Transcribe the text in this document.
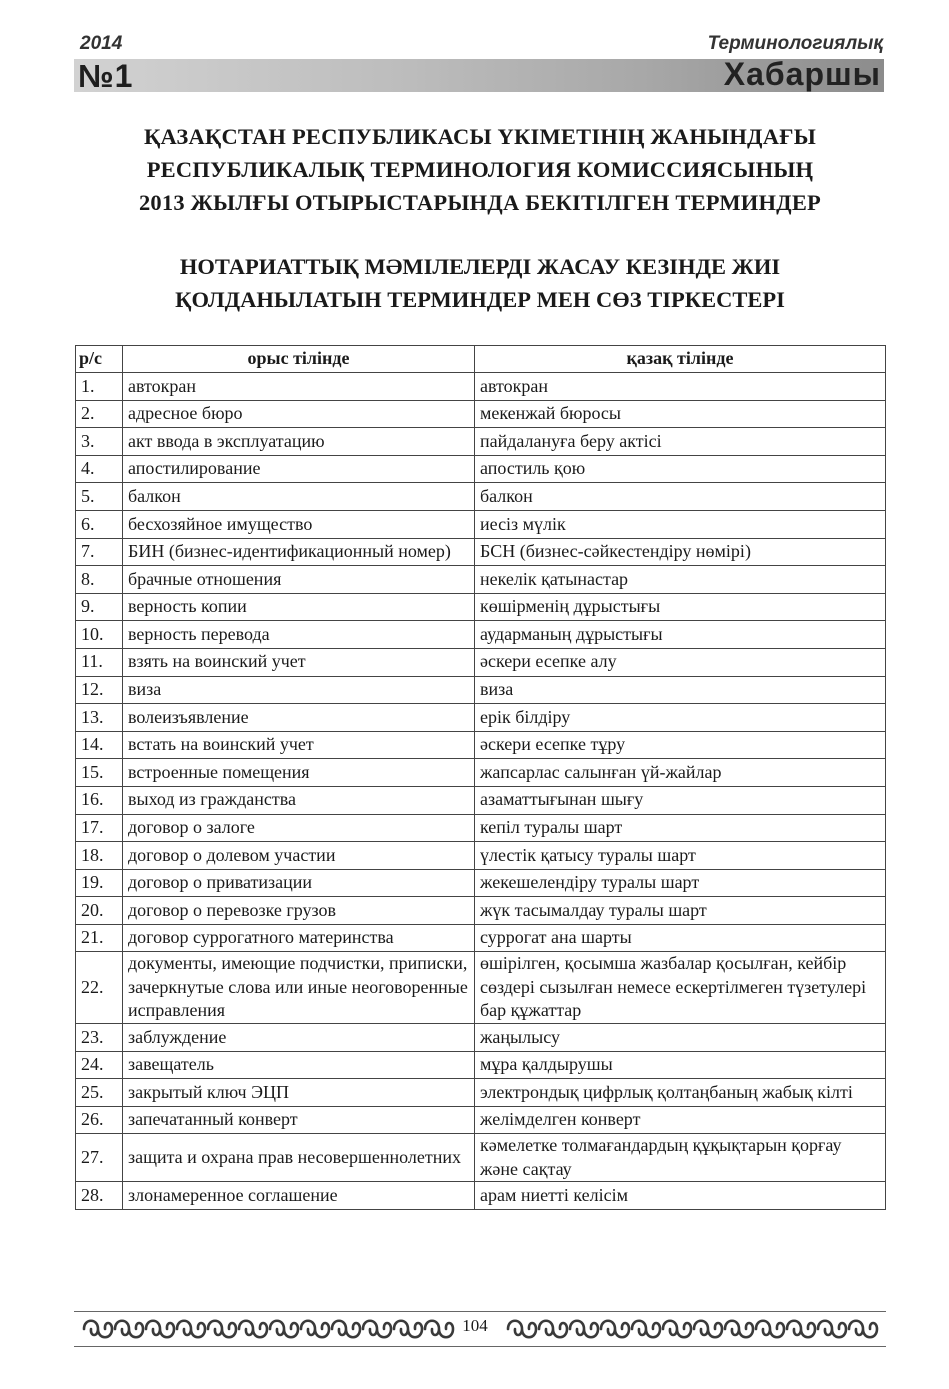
2014	Терминологиялық
№1	Хабаршы
ҚАЗАҚСТАН РЕСПУБЛИКАСЫ ҮКІМЕТІНІҢ ЖАНЫНДАҒЫ
РЕСПУБЛИКАЛЫҚ ТЕРМИНОЛОГИЯ КОМИССИЯСЫНЫҢ
2013 ЖЫЛҒЫ ОТЫРЫСТАРЫНДА БЕКІТІЛГЕН ТЕРМИНДЕР
НОТАРИАТТЫҚ МӘМІЛЕЛЕРДІ ЖАСАУ КЕЗІНДЕ ЖИІ
ҚОЛДАНЫЛАТЫН ТЕРМИНДЕР МЕН СӨЗ ТІРКЕСТЕРІ
р/с	орыс тілінде	қазақ тілінде
1.	автокран	автокран
2.	адресное бюро	мекенжай бюросы
3.	акт ввода в эксплуатацию	пайдалануға беру актісі
4.	апостилирование	апостиль қою
5.	балкон	балкон
6.	бесхозяйное имущество	иесіз мүлік
7.	БИН (бизнес-идентификационный номер)	БСН (бизнес-сәйкестендіру нөмірі)
8.	брачные отношения	некелік қатынастар
9.	верность копии	көшірменің дұрыстығы
10.	верность перевода	аударманың дұрыстығы
11.	взять на воинский учет	әскери есепке алу
12.	виза	виза
13.	волеизъявление	ерік білдіру
14.	встать на воинский учет	әскери есепке тұру
15.	встроенные помещения	жапсарлас салынған үй-жайлар
16.	выход из гражданства	азаматтығынан шығу
17.	договор о залоге	кепіл туралы шарт
18.	договор о долевом участии	үлестік қатысу туралы шарт
19.	договор о приватизации	жекешелендіру туралы шарт
20.	договор о перевозке грузов	жүк тасымалдау туралы шарт
21.	договор суррогатного материнства	суррогат ана шарты
22.	документы, имеющие подчистки, приписки, зачеркнутые слова или иные неоговоренные исправления	өшірілген, қосымша жазбалар қосылған, кейбір сөздері сызылған немесе ескертілмеген түзетулері бар құжаттар
23.	заблуждение	жаңылысу
24.	завещатель	мұра қалдырушы
25.	закрытый ключ ЭЦП	электрондық цифрлық қолтаңбаның жабық кілті
26.	запечатанный конверт	желімделген конверт
27.	защита и охрана прав несовершеннолетних	кәмелетке толмағандардың құқықтарын қорғау және сақтау
28.	злонамеренное соглашение	арам ниетті келісім
104
